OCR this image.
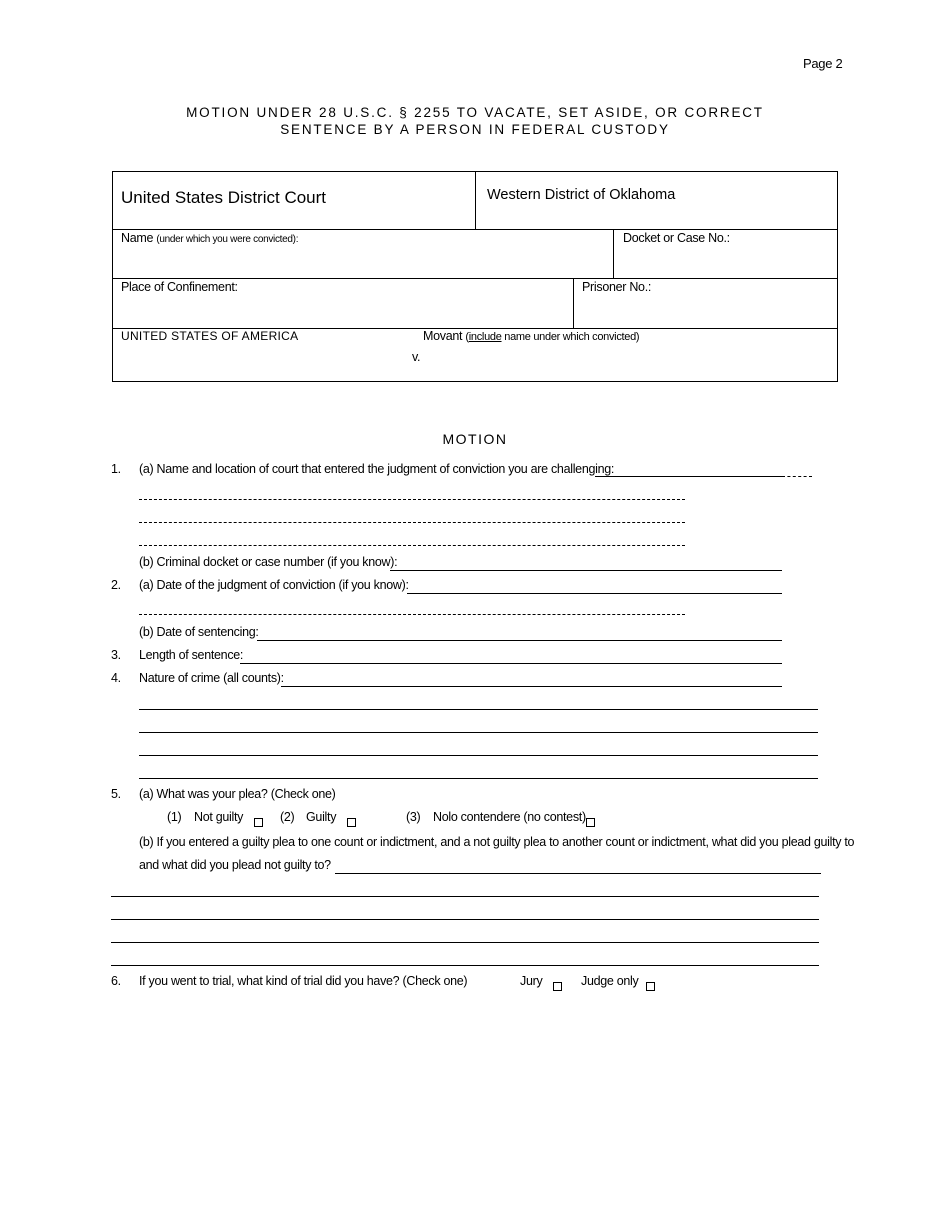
Page 2
MOTION UNDER 28 U.S.C. § 2255 TO VACATE, SET ASIDE, OR CORRECT
SENTENCE BY A PERSON IN FEDERAL CUSTODY
United States District Court	Western District of Oklahoma
Name (under which you were convicted):	Docket or Case No.:
Place of Confinement:	Prisoner No.:
UNITED STATES OF AMERICA	Movant (include name under which convicted)
v.
MOTION
1. (a) Name and location of court that entered the judgment of conviction you are challenging:
(b) Criminal docket or case number (if you know):
2. (a) Date of the judgment of conviction (if you know):
(b) Date of sentencing:
3. Length of sentence:
4. Nature of crime (all counts):
5. (a) What was your plea? (Check one)
(1) Not guilty	(2) Guilty	(3) Nolo contendere (no contest)
(b) If you entered a guilty plea to one count or indictment, and a not guilty plea to another count or indictment, what did you plead guilty to
and what did you plead not guilty to?
6. If you went to trial, what kind of trial did you have? (Check one)	Jury	Judge only
